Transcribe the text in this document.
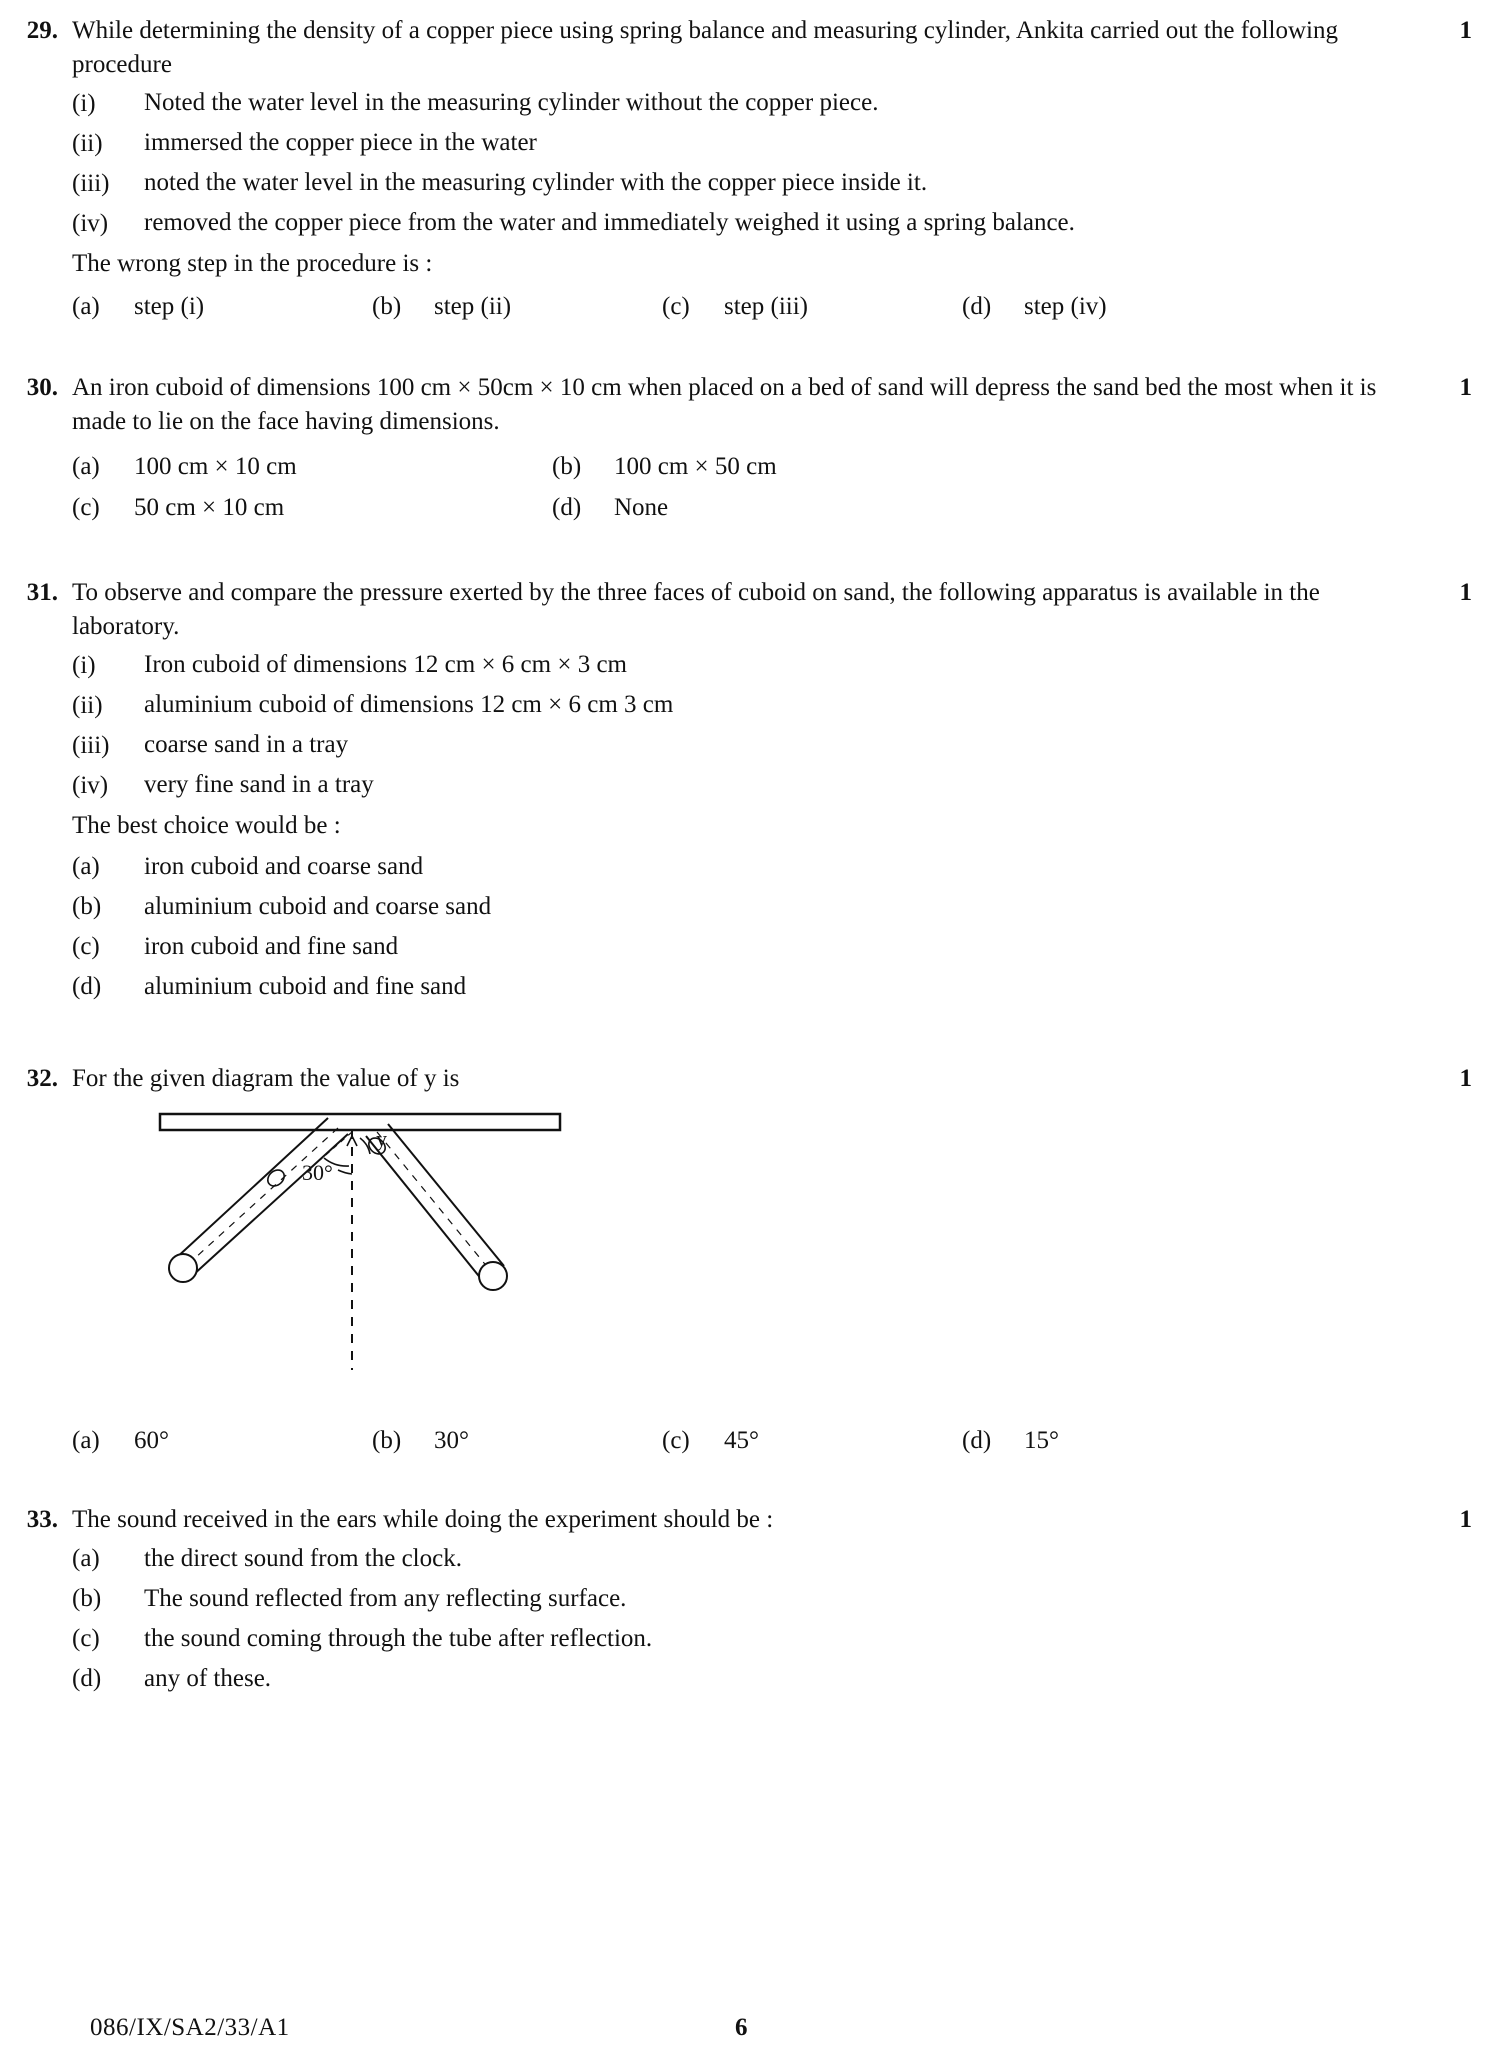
29. While determining the density of a copper piece using spring balance and measuring cylinder, Ankita carried out the following procedure
(i)	Noted the water level in the measuring cylinder without the copper piece.
(ii)	immersed the copper piece in the water
(iii)	noted the water level in the measuring cylinder with the copper piece inside it.
(iv)	removed the copper piece from the water and immediately weighed it using a spring balance.
The wrong step in the procedure is :
(a)	step (i)	(b)	step (ii)	(c)	step (iii)	(d)	step (iv)
1
30. An iron cuboid of dimensions 100 cm × 50cm × 10 cm when placed on a bed of sand will depress the sand bed the most when it is made to lie on the face having dimensions.
(a)	100 cm × 10 cm	(b)	100 cm × 50 cm
(c)	50 cm × 10 cm	(d)	None
1
31. To observe and compare the pressure exerted by the three faces of cuboid on sand, the following apparatus is available in the laboratory.
(i)	Iron cuboid of dimensions 12 cm × 6 cm × 3 cm
(ii)	aluminium cuboid of dimensions 12 cm × 6 cm 3 cm
(iii)	coarse sand in a tray
(iv)	very fine sand in a tray
The best choice would be :
(a)	iron cuboid and coarse sand
(b)	aluminium cuboid and coarse sand
(c)	iron cuboid and fine sand
(d)	aluminium cuboid and fine sand
1
32. For the given diagram the value of y is
30°
y
(a)	60°	(b)	30°	(c)	45°	(d)	15°
1
33. The sound received in the ears while doing the experiment should be :
(a)	the direct sound from the clock.
(b)	The sound reflected from any reflecting surface.
(c)	the sound coming through the tube after reflection.
(d)	any of these.
1
086/IX/SA2/33/A1	6
